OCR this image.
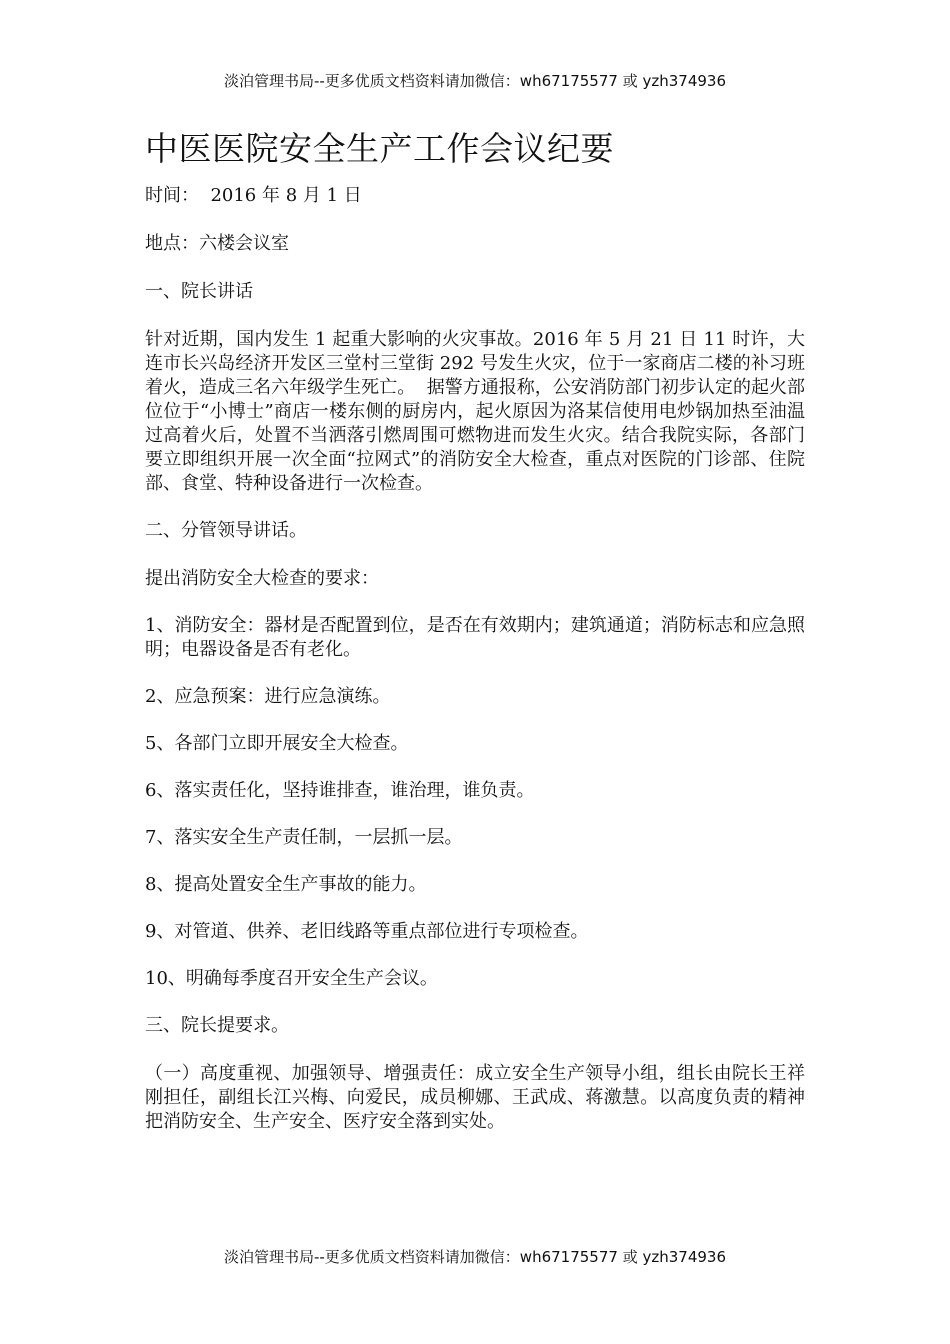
淡泊管理书局--更多优质文档资料请加微信：wh67175577 或 yzh374936
中医医院安全生产工作会议纪要

时间：  2016 年 8 月 1 日

地点：六楼会议室

一、院长讲话

针对近期，国内发生 1 起重大影响的火灾事故。2016 年 5 月 21 日 11 时许，大连市长兴岛经济开发区三堂村三堂街 292 号发生火灾，位于一家商店二楼的补习班着火，造成三名六年级学生死亡。  据警方通报称，公安消防部门初步认定的起火部位位于“小博士”商店一楼东侧的厨房内，起火原因为洛某信使用电炒锅加热至油温过高着火后，处置不当洒落引燃周围可燃物进而发生火灾。结合我院实际，各部门要立即组织开展一次全面“拉网式”的消防安全大检查，重点对医院的门诊部、住院部、食堂、特种设备进行一次检查。

二、分管领导讲话。

提出消防安全大检查的要求：

1、消防安全：器材是否配置到位，是否在有效期内；建筑通道；消防标志和应急照明；电器设备是否有老化。

2、应急预案：进行应急演练。

5、各部门立即开展安全大检查。

6、落实责任化，坚持谁排查，谁治理，谁负责。

7、落实安全生产责任制，一层抓一层。

8、提高处置安全生产事故的能力。

9、对管道、供养、老旧线路等重点部位进行专项检查。

10、明确每季度召开安全生产会议。

三、院长提要求。

（一）高度重视、加强领导、增强责任：成立安全生产领导小组，组长由院长王祥刚担任，副组长江兴梅、向爱民，成员柳娜、王武成、蒋激慧。以高度负责的精神把消防安全、生产安全、医疗安全落到实处。

淡泊管理书局--更多优质文档资料请加微信：wh67175577 或 yzh374936
